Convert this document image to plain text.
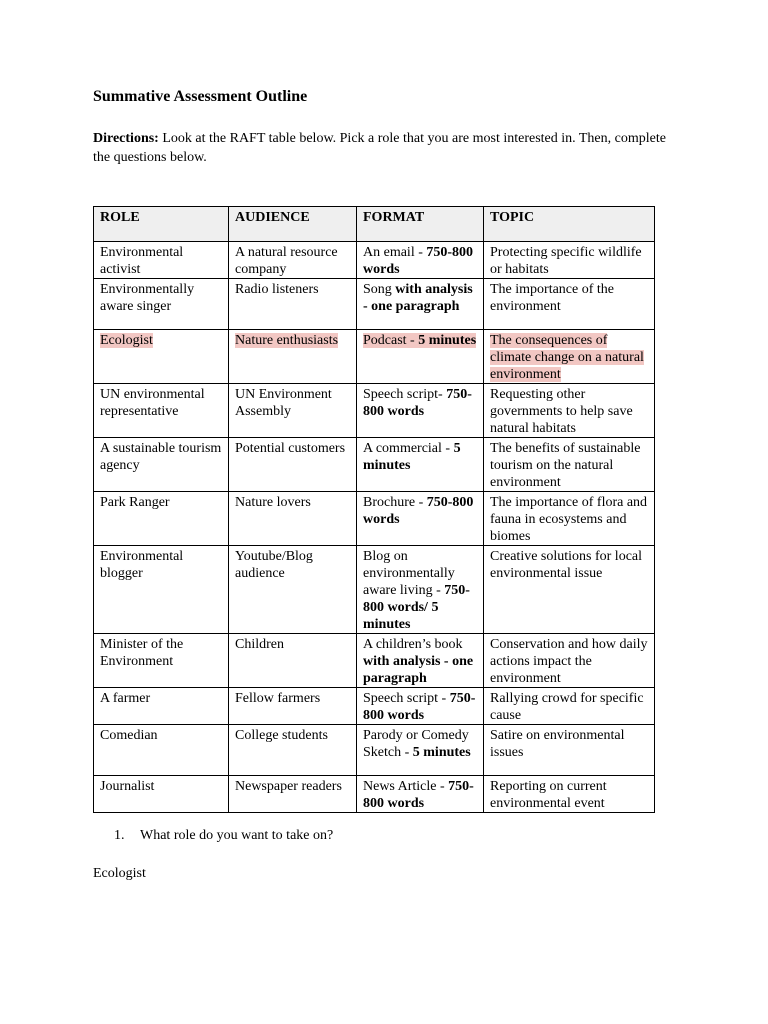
Summative Assessment Outline
Directions: Look at the RAFT table below. Pick a role that you are most interested in. Then, complete the questions below.
ROLE	AUDIENCE	FORMAT	TOPIC
Environmental activist	A natural resource company	An email - 750-800 words	Protecting specific wildlife or habitats
Environmentally aware singer	Radio listeners	Song with analysis - one paragraph	The importance of the environment
Ecologist	Nature enthusiasts	Podcast - 5 minutes	The consequences of climate change on a natural environment
UN environmental representative	UN Environment Assembly	Speech script- 750-800 words	Requesting other governments to help save natural habitats
A sustainable tourism agency	Potential customers	A commercial - 5 minutes	The benefits of sustainable tourism on the natural environment
Park Ranger	Nature lovers	Brochure - 750-800 words	The importance of flora and fauna in ecosystems and biomes
Environmental blogger	Youtube/Blog audience	Blog on environmentally aware living - 750-800 words/ 5 minutes	Creative solutions for local environmental issue
Minister of the Environment	Children	A children’s book with analysis - one paragraph	Conservation and how daily actions impact the environment
A farmer	Fellow farmers	Speech script - 750-800 words	Rallying crowd for specific cause
Comedian	College students	Parody or Comedy Sketch - 5 minutes	Satire on environmental issues
Journalist	Newspaper readers	News Article - 750-800 words	Reporting on current environmental event
1. What role do you want to take on?
Ecologist
